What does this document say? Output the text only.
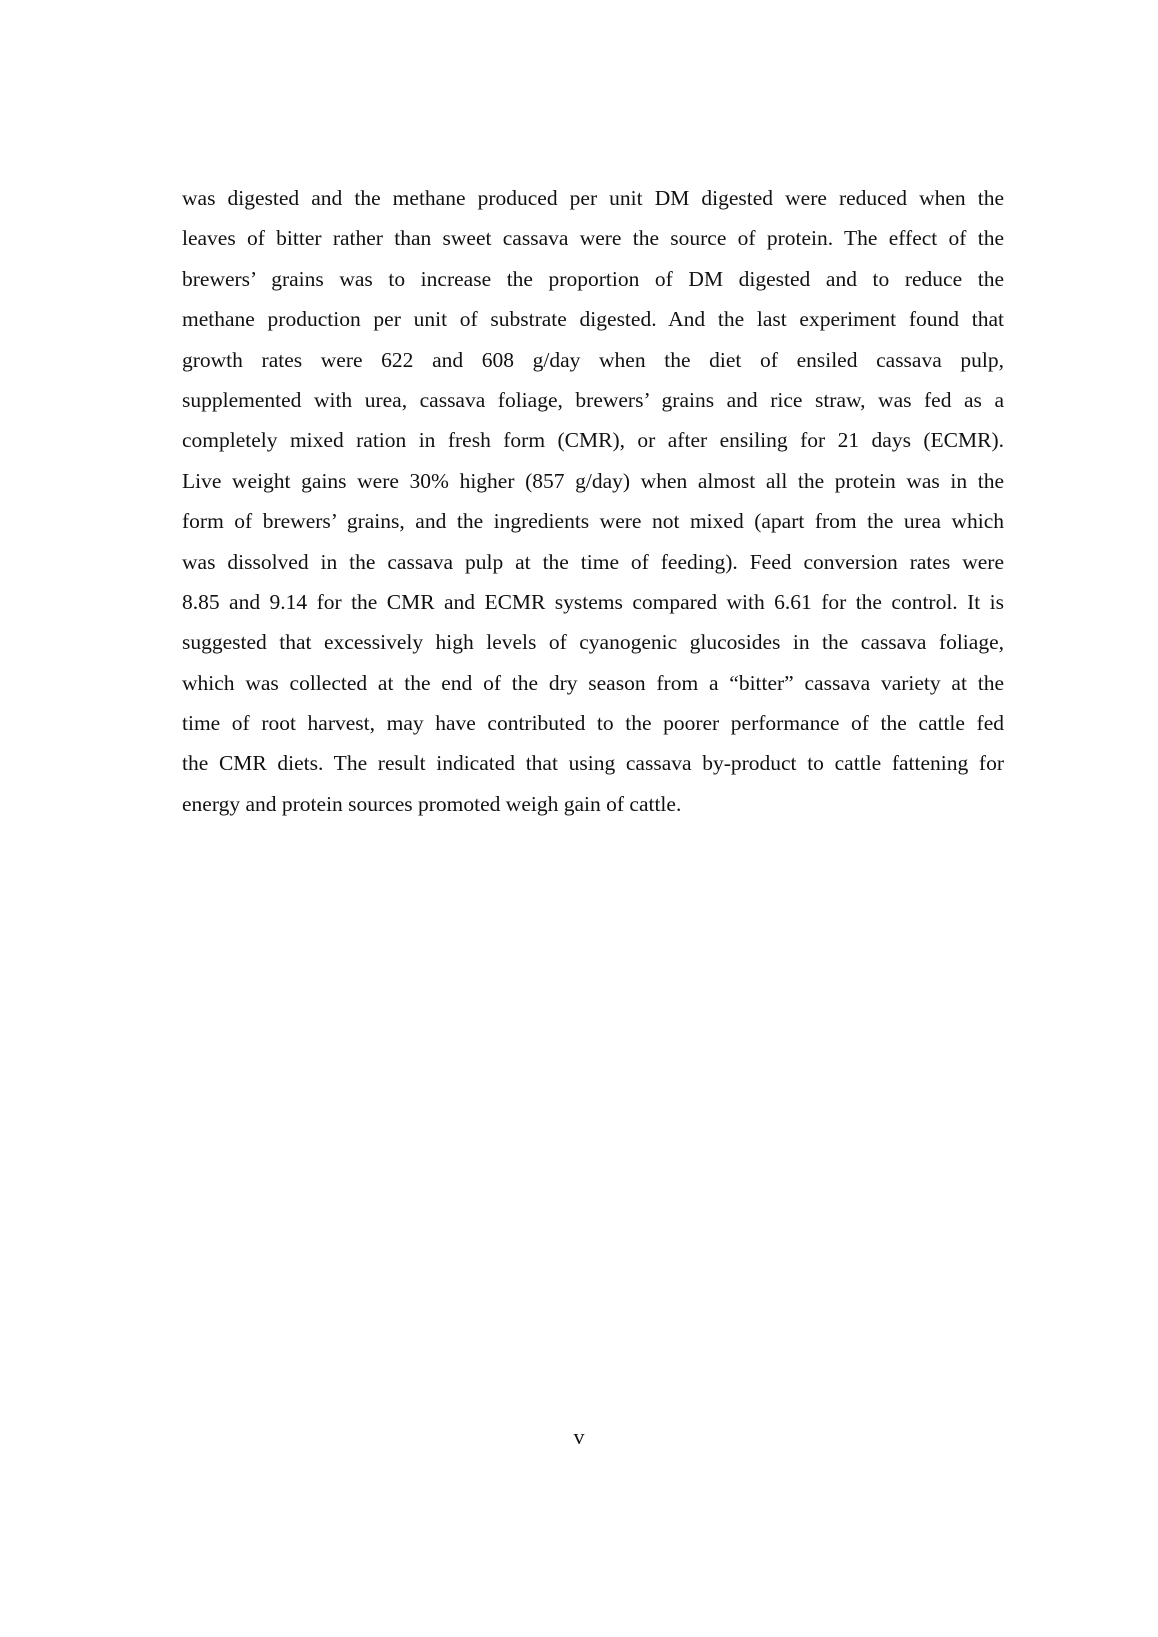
was digested and the methane produced per unit DM digested were reduced when the
leaves of bitter rather than sweet cassava were the source of protein. The effect of the
brewers’ grains was to increase the proportion of DM digested and to reduce the
methane production per unit of substrate digested. And the last experiment found that
growth rates were 622 and 608 g/day when the diet of ensiled cassava pulp,
supplemented with urea, cassava foliage, brewers’ grains and rice straw, was fed as a
completely mixed ration in fresh form (CMR), or after ensiling for 21 days (ECMR).
Live weight gains were 30% higher (857 g/day) when almost all the protein was in the
form of brewers’ grains, and the ingredients were not mixed (apart from the urea which
was dissolved in the cassava pulp at the time of feeding). Feed conversion rates were
8.85 and 9.14 for the CMR and ECMR systems compared with 6.61 for the control. It is
suggested that excessively high levels of cyanogenic glucosides in the cassava foliage,
which was collected at the end of the dry season from a “bitter” cassava variety at the
time of root harvest, may have contributed to the poorer performance of the cattle fed
the CMR diets. The result indicated that using cassava by-product to cattle fattening for
energy and protein sources promoted weigh gain of cattle.
v
